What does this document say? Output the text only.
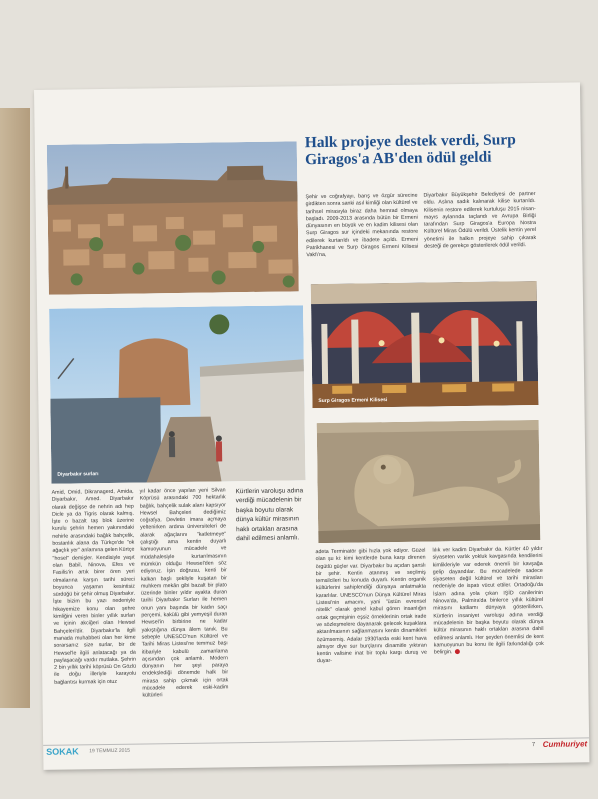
Halk projeye destek verdi, Surp Giragos'a AB'den ödül geldi

Şehir ve coğrafyayı, barış ve özgür sürecine girdikten sonra sanki asıl kimliği olan kültürel ve tarihsel mirasıyla biraz daha hemrad olmaya başladı. 2009-2013 arasında bütün bir Ermeni dünyasının en büyük ve en kadim kilisesi olan Surp Giragos sur içindeki mekanında restore edilerek kurtarıldı ve ibadete açıldı. Ermeni Patrikhanesi ve Surp Giragos Ermeni Kilisesi Vakfı'na,

Diyarbakır Büyükşehir Belediyesi de partner oldu. Aslına sadık kalınarak kilise kurtarıldı. Kilisenin restore edilerek kurtuluşu 2015 nisan-mayıs aylarında taçlandı ve Avrupa Birliği tarafından Surp Giragos'a Europa Nostra Kültürel Miras Ödülü verildi. Üstelik kentin yerel yönetimi ile halkın projeye sahip çıkarak desteği de gerekçe gösterilerek ödül verildi.

Surp Giragos Ermeni Kilisesi
Diyarbakır surları

Amid, Omid, Dikranagerd, Amida, Diyarbakır, Amed. Diyarbakır olarak değişse de nehrin adı hep Dicle ya da Tigris olarak kalmış. İşte o bazalt taş blok üzerine kurulu şehrin hemen yakınındaki nehirle arasındaki bağlık bahçelik, bostanlık alana da Türkçe'de "ok ağaçlık yer" anlamına gelen Kürtçe "hosel" demişler. Kendisiyle yaşıt olan Babil, Ninova, Efes ve Fasilis'in artık birer ören yeri olmalarına karşın tarihi süreci boyunca yaşamın kesintisiz sürdüğü bir şehir olmuş Diyarbakır. İşte bizim bu yazı nedeniyle hikayemize konu olan şehre kimliğini veren binler yıllık surları ve içinin akciğeri olan Hewsel Bahçeleri'dir. Diyarbakır'la ilgili manada muhabbeti olan her kime sorarsanız size surlar, bir de Hewsel'le ilgili anlatacağı ya da paylaşacağı vardır mutlaka. Şehrin 2 bin yıllık tarihi köprüsü On Gözlü ile doğu illeriyle karayolu bağlantısı kurmak için otuz

yıl kadar önce yapılan yeni Silvan Köprüsü arasındaki 700 hektarlık bağlık, bahçelik sulak alanı kapsıyor Hewsel Bahçeleri dediğimiz coğrafya. Devletin imara açmaya yeltenirken ardına üniversiteleri de alarak ağaçlarını "katletmeye" çalıştığı ama kentin duyarlı kamuoyunun mücadele ve müdahalesiyle kurtarılmasının mümkün olduğu Hewsel'den söz ediyoruz. İşin doğrusu, kenti bir kalkan başlı şekliyle kuşatan bir muhkem mekân gibi bazalt bir plato üzerinde binler yıldır ayakta duran tarihi Diyarbakır Surları ile hemen onun yanı başında bir kadın saçı perçemi, kakülü gibi yemyeşil duran Hewsel'in birbirine ne kadar yakıştığına dünya âlem tanık. Bu sebeple UNESCO'nun Kültürel ve Tarihi Miras Listesi'ne temmuz başı itibariyle kabulü zamanlama açısından çok anlamlı. Modern dünyanın her şeyi paraya endekslediği dönemde halk bir mirasa sahip çıkmak için ortak mücadele ederek eski-kadim kültürleri

Kürtlerin varoluşu adına verdiği mücadelenin bir başka boyutu olarak dünya kültür mirasının haklı ortakları arasına dahil edilmesi anlamlı.

adeta Terminatör gibi hızla yok ediyor. Güzel olan şu ki: kimi kentlerde buna karşı direnen örgütlü güçler var. Diyarbakır bu açıdan şanslı bir şehir. Kentin atanmış ve seçilmiş temsilcileri bu konuda duyarlı. Kentin organik kültürlerini sahiplendiği dünyaya anlatmakta kararlılar. UNESCO'nun Dünya Kültürel Miras Listesi'nin amacını, yani "üstün evrensel nitelik" olarak genel kabul gören insanlığın ortak geçmişinin eşsiz örneklerinin ortak irade ve sözleşmelere dayanarak gelecek kuşaklara aktarılmasının sağlanmasını kentin dinamikleri özümsemiş. Adalar 1930'larda eski kent hava almıyor diye sur burçlarını dinamitle yıktıran kentin valisine inat bir toplu kargı duruş ve duyar-

lılık ver kadim Diyarbakır da. Kürtler 40 yıldır siyaseten varlık yokluk kavgasında kendilerini kimlikleriyle var ederek önemli bir kavşağa gelip dayandılar. Bu mücadelede sadece siyaseten değil kültürel ve tarihi mirasları nedeniyle de ispatı vücut ettiler. Ortadoğu'da İslam adına yola çıkan IŞİD canilerinin Ninova'da, Palmira'da binlerce yıllık kültürel mirasını katliamı dünyaya gösterilirken, Kürtlerin insaniyet varoluşu adına verdiği mücadelenin bir başka boyutu olarak dünya kültür mirasının haklı ortakları arasına dahil edilmesi anlamlı. Her şeyden önemlisi de kent kamuoyunun bu konu ile ilgili farkındalığı çok belirgin.
SOKAK 19 TEMMUZ 2015
7 Cumhuriyet
